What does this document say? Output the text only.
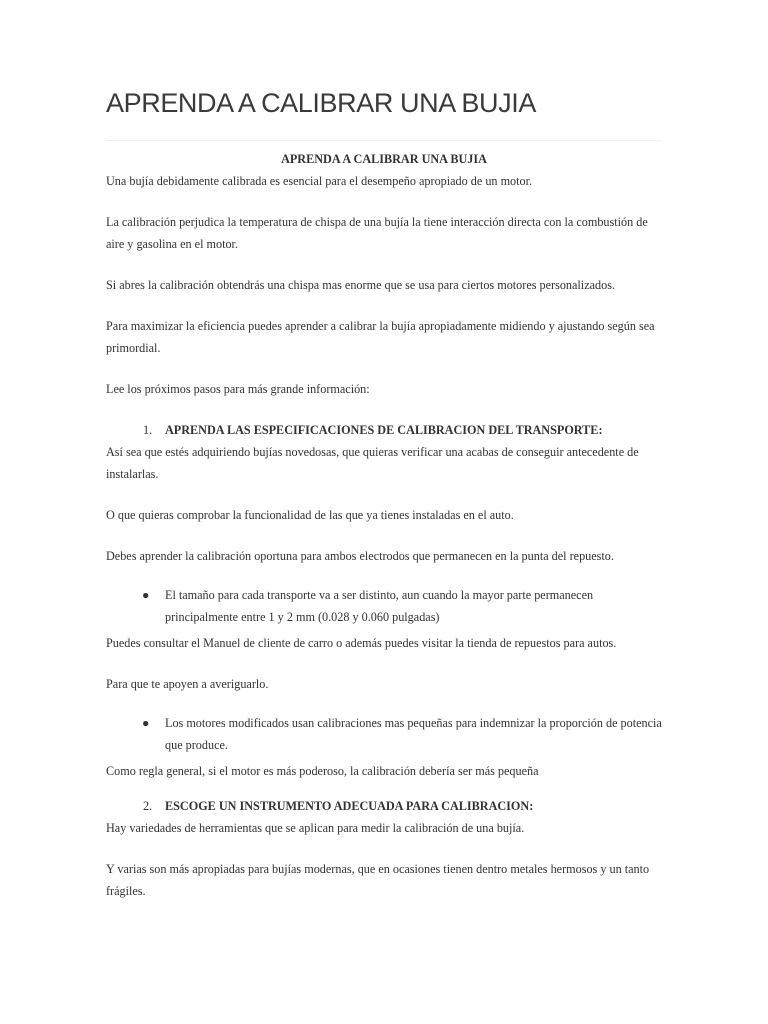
APRENDA A CALIBRAR UNA BUJIA

APRENDA A CALIBRAR UNA BUJIA

Una bujía debidamente calibrada es esencial para el desempeño apropiado de un motor.

La calibración perjudica la temperatura de chispa de una bujía la tiene interacción directa con la combustión de aire y gasolina en el motor.

Si abres la calibración obtendrás una chispa mas enorme que se usa para ciertos motores personalizados.

Para maximizar la eficiencia puedes aprender a calibrar la bujía apropiadamente midiendo y ajustando según sea primordial.

Lee los próximos pasos para más grande información:

1. APRENDA LAS ESPECIFICACIONES DE CALIBRACION DEL TRANSPORTE:

Así sea que estés adquiriendo bujías novedosas, que quieras verificar una acabas de conseguir antecedente de instalarlas.

O que quieras comprobar la funcionalidad de las que ya tienes instaladas en el auto.

Debes aprender la calibración oportuna para ambos electrodos que permanecen en la punta del repuesto.

● El tamaño para cada transporte va a ser distinto, aun cuando la mayor parte permanecen principalmente entre 1 y 2 mm (0.028 y 0.060 pulgadas)

Puedes consultar el Manuel de cliente de carro o además puedes visitar la tienda de repuestos para autos.

Para que te apoyen a averiguarlo.

● Los motores modificados usan calibraciones mas pequeñas para indemnizar la proporción de potencia que produce.

Como regla general, si el motor es más poderoso, la calibración debería ser más pequeña

2. ESCOGE UN INSTRUMENTO ADECUADA PARA CALIBRACION:

Hay variedades de herramientas que se aplican para medir la calibración de una bujía.

Y varias son más apropiadas para bujías modernas, que en ocasiones tienen dentro metales hermosos y un tanto frágiles.
